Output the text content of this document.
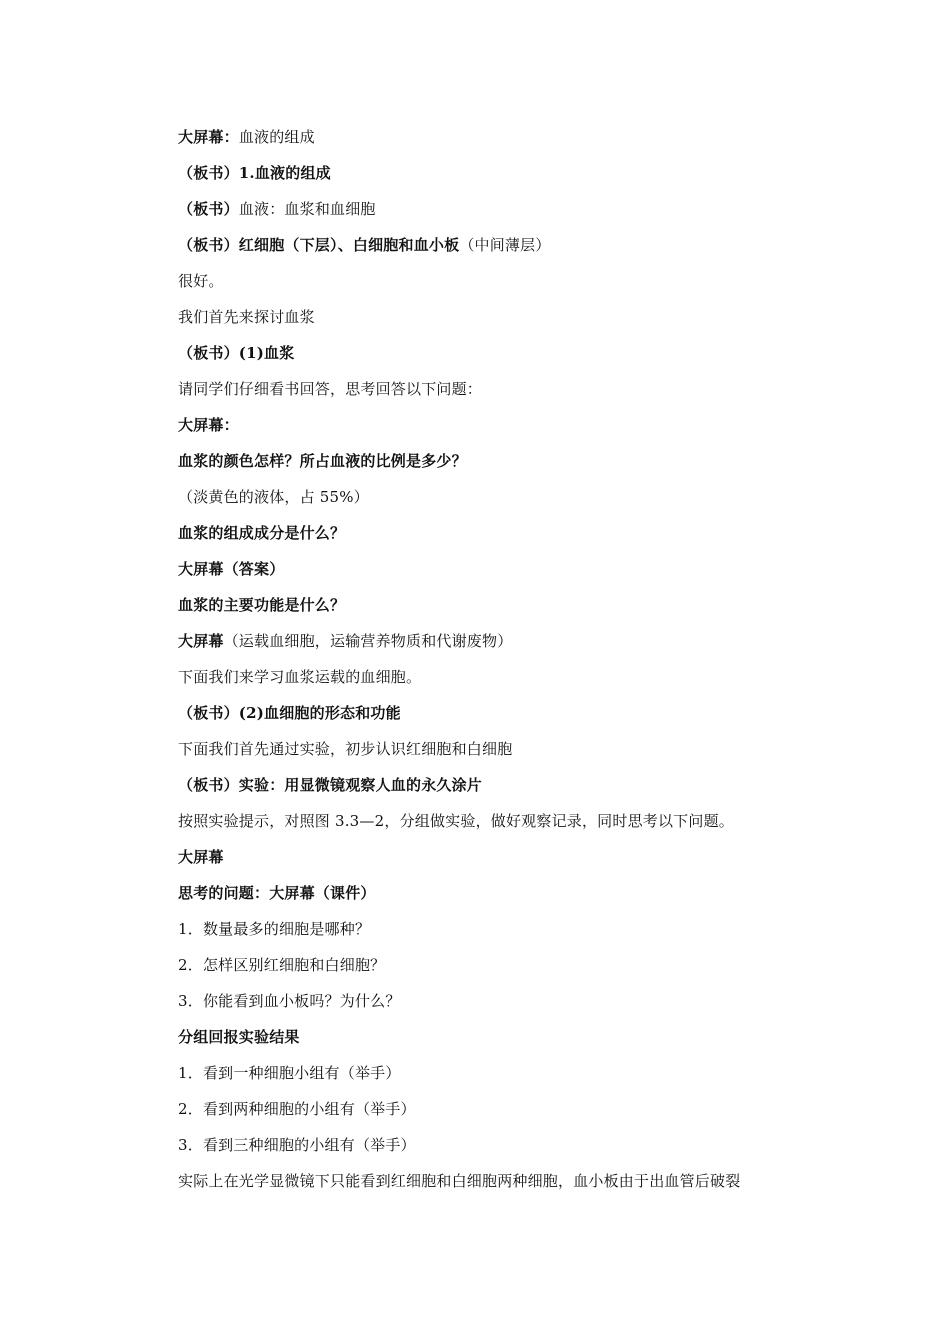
大屏幕：血液的组成
（板书）1.血液的组成
（板书）血液：血浆和血细胞
（板书）红细胞（下层）、白细胞和血小板（中间薄层）
很好。
我们首先来探讨血浆
（板书）(1)血浆
请同学们仔细看书回答，思考回答以下问题：
大屏幕：
血浆的颜色怎样？所占血液的比例是多少？
（淡黄色的液体，占 55%）
血浆的组成成分是什么？
大屏幕（答案）
血浆的主要功能是什么？
大屏幕（运载血细胞，运输营养物质和代谢废物）
下面我们来学习血浆运载的血细胞。
（板书）(2)血细胞的形态和功能
下面我们首先通过实验，初步认识红细胞和白细胞
（板书）实验：用显微镜观察人血的永久涂片
按照实验提示，对照图 3.3—2，分组做实验，做好观察记录，同时思考以下问题。
大屏幕
思考的问题：大屏幕（课件）
1．数量最多的细胞是哪种？
2．怎样区别红细胞和白细胞？
3．你能看到血小板吗？为什么？
分组回报实验结果
1．看到一种细胞小组有（举手）
2．看到两种细胞的小组有（举手）
3．看到三种细胞的小组有（举手）
实际上在光学显微镜下只能看到红细胞和白细胞两种细胞，血小板由于出血管后破裂
